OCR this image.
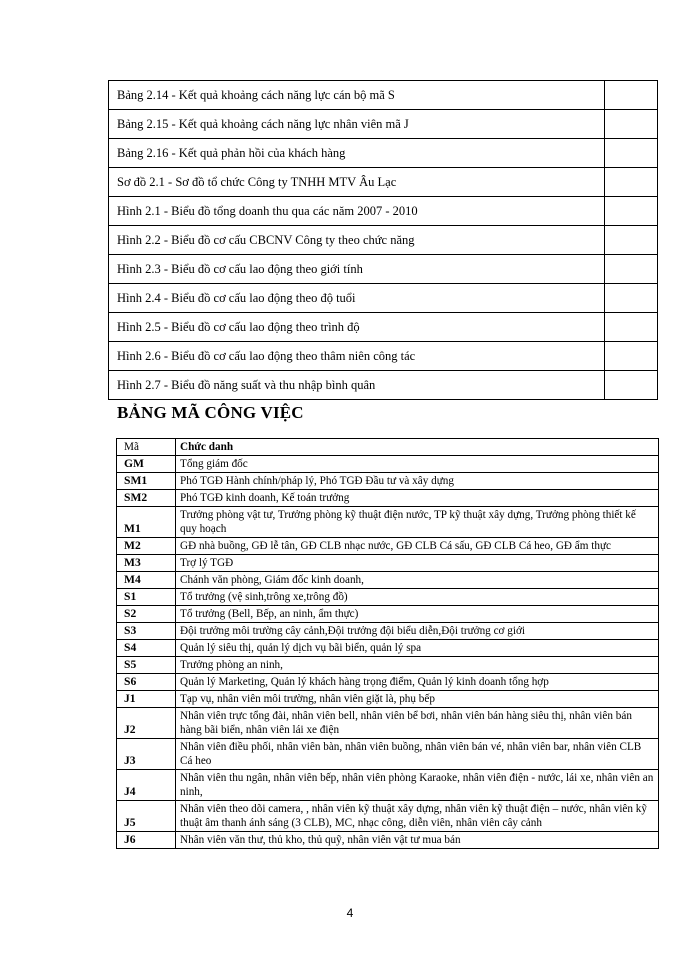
Bảng 2.14 - Kết quả khoảng cách năng lực cán bộ mã S	
Bảng 2.15 - Kết quả khoảng cách năng lực nhân viên mã J	
Bảng 2.16 - Kết quả phản hồi của khách hàng	
Sơ đồ 2.1 - Sơ đồ tổ chức Công ty TNHH MTV Âu Lạc	
Hình 2.1 - Biểu đồ tổng doanh thu qua các năm 2007 - 2010	
Hình 2.2 - Biểu đồ cơ cấu CBCNV Công ty theo chức năng	
Hình 2.3 - Biểu đồ cơ cấu lao động theo giới tính	
Hình 2.4 - Biểu đồ cơ cấu lao động theo độ tuổi	
Hình 2.5 - Biểu đồ cơ cấu lao động theo trình độ	
Hình 2.6 - Biểu đồ cơ cấu lao động theo thâm niên công tác	
Hình 2.7 - Biểu đồ năng suất và thu nhập bình quân	
BẢNG MÃ CÔNG VIỆC
Mã	Chức danh
GM	Tổng giám đốc
SM1	Phó TGĐ Hành chính/pháp lý, Phó TGĐ Đầu tư và xây dựng
SM2	Phó TGĐ kinh doanh, Kế toán trưởng
M1	Trưởng phòng vật tư, Trưởng phòng kỹ thuật điện nước, TP kỹ thuật xây dựng, Trưởng phòng thiết kế quy hoạch
M2	GĐ nhà buồng, GĐ lễ tân, GĐ CLB nhạc nước, GĐ CLB Cá sấu, GĐ CLB Cá heo, GĐ ẩm thực
M3	Trợ lý TGĐ
M4	Chánh văn phòng, Giám đốc kinh doanh,
S1	Tổ trưởng (vệ sinh,trông xe,trông đồ)
S2	Tổ trưởng (Bell, Bếp, an ninh, ẩm thực)
S3	Đội trưởng môi trường cây cảnh,Đội trưởng đội biểu diễn,Đội trưởng cơ giới
S4	Quản lý siêu thị, quản lý dịch vụ bãi biển, quản lý spa
S5	Trưởng phòng an ninh,
S6	Quản lý Marketing, Quản lý khách hàng trọng điểm, Quản lý kinh doanh tổng hợp
J1	Tạp vụ, nhân viên môi trường, nhân viên giặt là, phụ bếp
J2	Nhân viên trực tổng đài, nhân viên bell, nhân viên bể bơi, nhân viên bán hàng siêu thị, nhân viên bán hàng bãi biển, nhân viên lái xe điện
J3	Nhân viên điều phối, nhân viên bàn, nhân viên buồng, nhân viên bán vé, nhân viên bar, nhân viên CLB Cá heo
J4	Nhân viên thu ngân, nhân viên bếp, nhân viên phòng Karaoke, nhân viên điện - nước, lái xe, nhân viên an ninh,
J5	Nhân viên theo dõi camera, , nhân viên kỹ thuật xây dựng, nhân viên kỹ thuật điện – nước, nhân viên kỹ thuật âm thanh ánh sáng (3 CLB), MC, nhạc công, diễn viên, nhân viên cây cảnh
J6	Nhân viên văn thư, thủ kho, thủ quỹ, nhân viên vật tư mua bán
4
